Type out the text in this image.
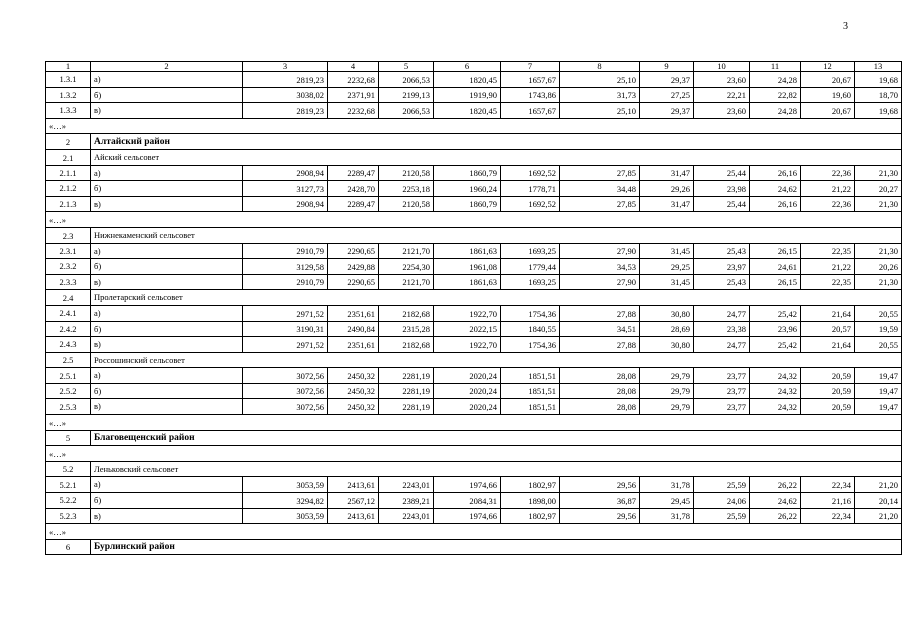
3
1	2	3	4	5	6	7	8	9	10	11	12	13
1.3.1	а)	2819,23	2232,68	2066,53	1820,45	1657,67	25,10	29,37	23,60	24,28	20,67	19,68
1.3.2	б)	3038,02	2371,91	2199,13	1919,90	1743,86	31,73	27,25	22,21	22,82	19,60	18,70
1.3.3	в)	2819,23	2232,68	2066,53	1820,45	1657,67	25,10	29,37	23,60	24,28	20,67	19,68
«…»												
2	Алтайский район											
2.1	Айский сельсовет											
2.1.1	а)	2908,94	2289,47	2120,58	1860,79	1692,52	27,85	31,47	25,44	26,16	22,36	21,30
2.1.2	б)	3127,73	2428,70	2253,18	1960,24	1778,71	34,48	29,26	23,98	24,62	21,22	20,27
2.1.3	в)	2908,94	2289,47	2120,58	1860,79	1692,52	27,85	31,47	25,44	26,16	22,36	21,30
«…»												
2.3	Нижнекаменский сельсовет											
2.3.1	а)	2910,79	2290,65	2121,70	1861,63	1693,25	27,90	31,45	25,43	26,15	22,35	21,30
2.3.2	б)	3129,58	2429,88	2254,30	1961,08	1779,44	34,53	29,25	23,97	24,61	21,22	20,26
2.3.3	в)	2910,79	2290,65	2121,70	1861,63	1693,25	27,90	31,45	25,43	26,15	22,35	21,30
2.4	Пролетарский сельсовет											
2.4.1	а)	2971,52	2351,61	2182,68	1922,70	1754,36	27,88	30,80	24,77	25,42	21,64	20,55
2.4.2	б)	3190,31	2490,84	2315,28	2022,15	1840,55	34,51	28,69	23,38	23,96	20,57	19,59
2.4.3	в)	2971,52	2351,61	2182,68	1922,70	1754,36	27,88	30,80	24,77	25,42	21,64	20,55
2.5	Россошинский сельсовет											
2.5.1	а)	3072,56	2450,32	2281,19	2020,24	1851,51	28,08	29,79	23,77	24,32	20,59	19,47
2.5.2	б)	3072,56	2450,32	2281,19	2020,24	1851,51	28,08	29,79	23,77	24,32	20,59	19,47
2.5.3	в)	3072,56	2450,32	2281,19	2020,24	1851,51	28,08	29,79	23,77	24,32	20,59	19,47
«…»												
5	Благовещенский район											
«…»												
5.2	Леньковский сельсовет											
5.2.1	а)	3053,59	2413,61	2243,01	1974,66	1802,97	29,56	31,78	25,59	26,22	22,34	21,20
5.2.2	б)	3294,82	2567,12	2389,21	2084,31	1898,00	36,87	29,45	24,06	24,62	21,16	20,14
5.2.3	в)	3053,59	2413,61	2243,01	1974,66	1802,97	29,56	31,78	25,59	26,22	22,34	21,20
«…»												
6	Бурлинский район											
